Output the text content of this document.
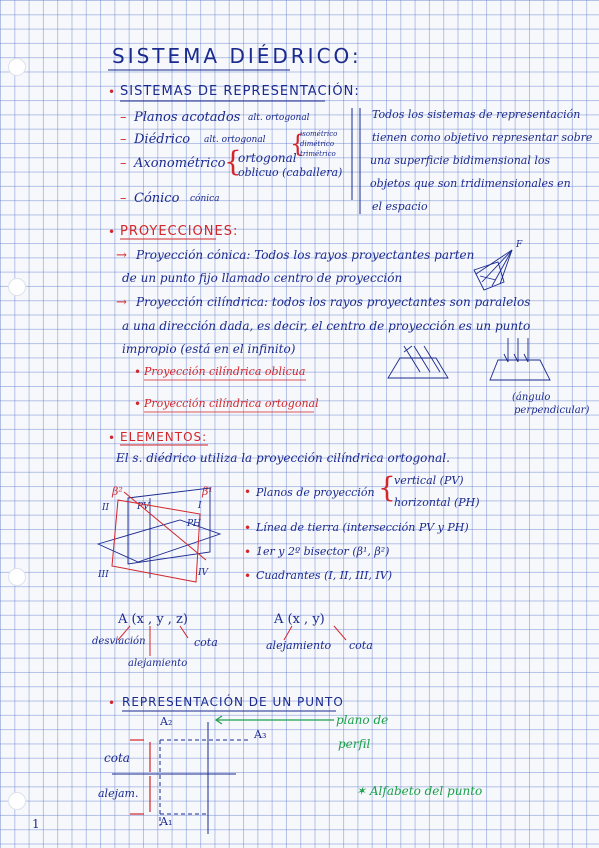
SISTEMA DIÉDRICO:
• SISTEMAS DE REPRESENTACIÓN:
– Planos acotados alt. ortogonal
– Diédrico alt. ortogonal
– Axonométrico
{
ortogonal
oblicuo (caballera)
{
isométrico
dimétrico
trimétrico
– Cónico cónica
Todos los sistemas de representación
tienen como objetivo representar sobre
una superficie bidimensional los
objetos que son tridimensionales en
el espacio
• PROYECCIONES:
→ Proyección cónica: Todos los rayos proyectantes parten
de un punto fijo llamado centro de proyección
→ Proyección cilíndrica: todos los rayos proyectantes son paralelos
a una dirección dada, es decir, el centro de proyección es un punto
impropio (está en el infinito)
• Proyección cilíndrica oblicua
• Proyección cilíndrica ortogonal
F
(ángulo
perpendicular)
• ELEMENTOS:
El s. diédrico utiliza la proyección cilíndrica ortogonal.
• Planos de proyección {
vertical (PV)
horizontal (PH)
• Línea de tierra (intersección PV y PH)
• 1er y 2º bisector (β¹, β²)
• Cuadrantes (I, II, III, IV)
β²	β¹
II	I
PV
PH
III	IV
A (x , y , z)
desviación	cota
alejamiento
A (x , y)
alejamiento cota
• REPRESENTACIÓN DE UN PUNTO
A₂
A₃
A₁
cota
alejam.
plano de
perfil
✶ Alfabeto del punto
1
